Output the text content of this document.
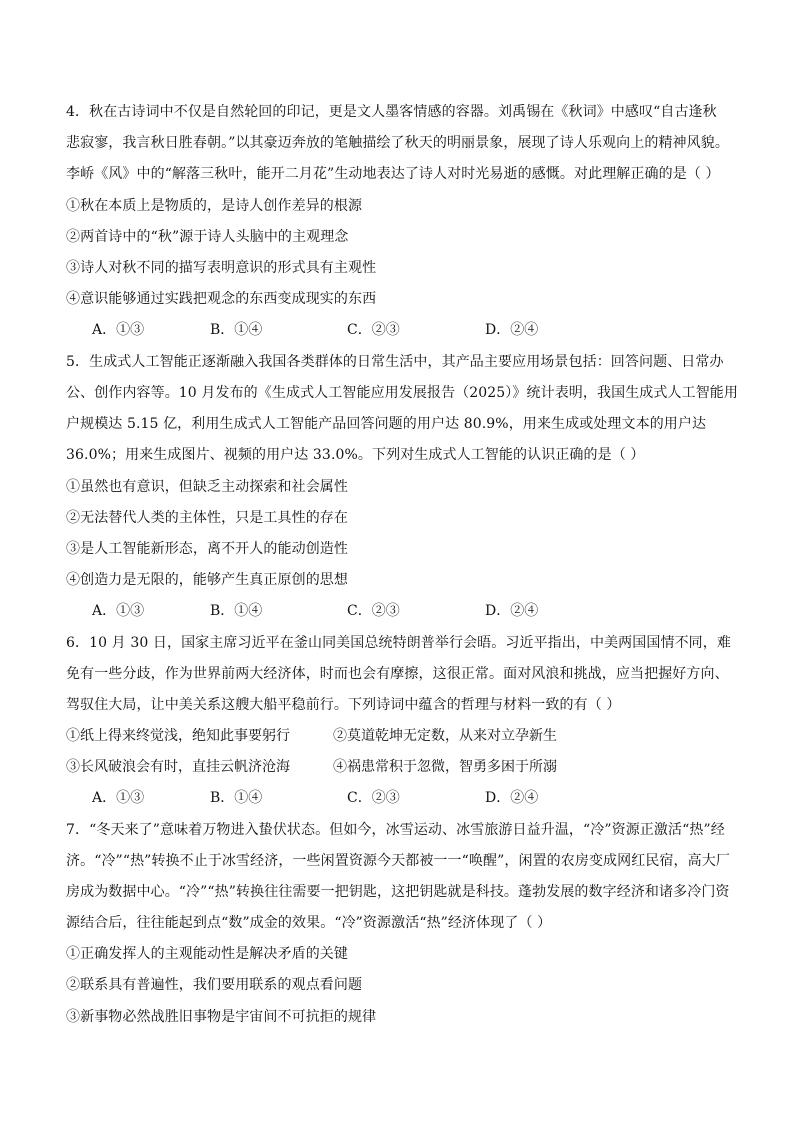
4．秋在古诗词中不仅是自然轮回的印记，更是文人墨客情感的容器。刘禹锡在《秋词》中感叹“自古逢秋
悲寂寥，我言秋日胜春朝。”以其豪迈奔放的笔触描绘了秋天的明丽景象，展现了诗人乐观向上的精神风貌。
李峤《风》中的“解落三秋叶，能开二月花”生动地表达了诗人对时光易逝的感慨。对此理解正确的是（ ）
①秋在本质上是物质的，是诗人创作差异的根源
②两首诗中的“秋”源于诗人头脑中的主观理念
③诗人对秋不同的描写表明意识的形式具有主观性
④意识能够通过实践把观念的东西变成现实的东西
A．①③	B．①④	C．②③	D．②④
5．生成式人工智能正逐渐融入我国各类群体的日常生活中，其产品主要应用场景包括：回答问题、日常办
公、创作内容等。10 月发布的《生成式人工智能应用发展报告（2025）》统计表明，我国生成式人工智能用
户规模达 5.15 亿，利用生成式人工智能产品回答问题的用户达 80.9%，用来生成或处理文本的用户达
36.0%；用来生成图片、视频的用户达 33.0%。下列对生成式人工智能的认识正确的是（ ）
①虽然也有意识，但缺乏主动探索和社会属性
②无法替代人类的主体性，只是工具性的存在
③是人工智能新形态，离不开人的能动创造性
④创造力是无限的，能够产生真正原创的思想
A．①③	B．①④	C．②③	D．②④
6．10 月 30 日，国家主席习近平在釜山同美国总统特朗普举行会晤。习近平指出，中美两国国情不同，难
免有一些分歧，作为世界前两大经济体，时而也会有摩擦，这很正常。面对风浪和挑战，应当把握好方向、
驾驭住大局，让中美关系这艘大船平稳前行。下列诗词中蕴含的哲理与材料一致的有（ ）
①纸上得来终觉浅，绝知此事要躬行	②莫道乾坤无定数，从来对立孕新生
③长风破浪会有时，直挂云帆济沧海	④祸患常积于忽微，智勇多困于所溺
A．①③	B．①④	C．②③	D．②④
7．“冬天来了”意味着万物进入蛰伏状态。但如今，冰雪运动、冰雪旅游日益升温，“冷”资源正激活“热”经
济。“冷”“热”转换不止于冰雪经济，一些闲置资源今天都被一一“唤醒”，闲置的农房变成网红民宿，高大厂
房成为数据中心。“冷”“热”转换往往需要一把钥匙，这把钥匙就是科技。蓬勃发展的数字经济和诸多冷门资
源结合后，往往能起到点“数”成金的效果。“冷”资源激活“热”经济体现了（ ）
①正确发挥人的主观能动性是解决矛盾的关键
②联系具有普遍性，我们要用联系的观点看问题
③新事物必然战胜旧事物是宇宙间不可抗拒的规律
